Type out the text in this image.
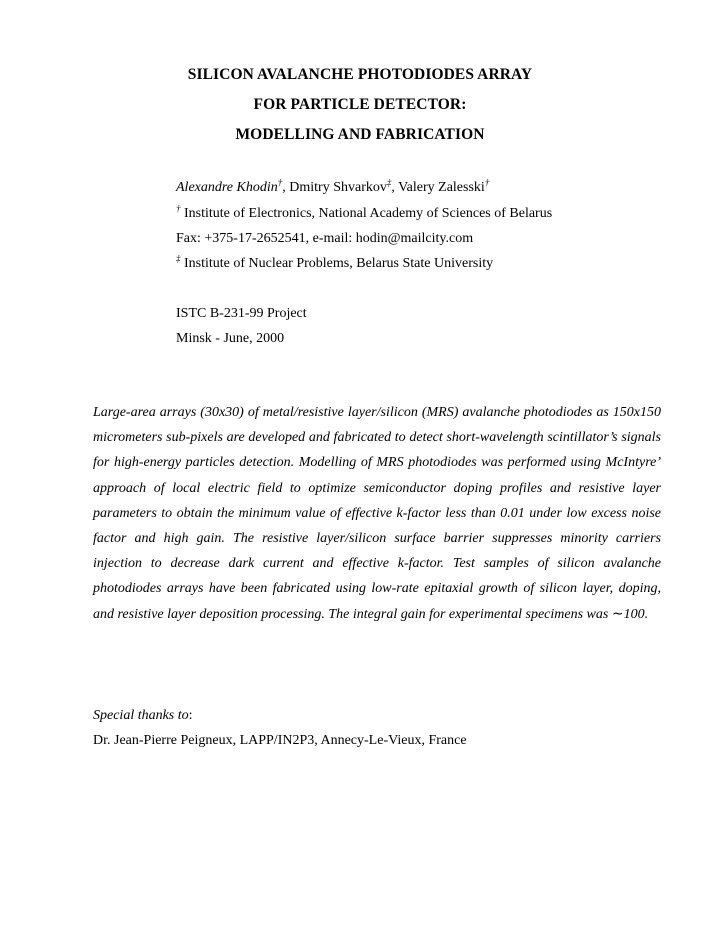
SILICON AVALANCHE PHOTODIODES ARRAY
FOR PARTICLE DETECTOR:
MODELLING AND FABRICATION
Alexandre Khodin†, Dmitry Shvarkov‡, Valery Zalesski†
† Institute of Electronics, National Academy of Sciences of Belarus
Fax: +375-17-2652541, e-mail: hodin@mailcity.com
‡ Institute of Nuclear Problems, Belarus State University
ISTC B-231-99 Project
Minsk - June, 2000

Large-area arrays (30x30) of metal/resistive layer/silicon (MRS) avalanche photodiodes as 150x150 micrometers sub-pixels are developed and fabricated to detect short-wavelength scintillator’s signals for high-energy particles detection. Modelling of MRS photodiodes was performed using McIntyre’ approach of local electric field to optimize semiconductor doping profiles and resistive layer parameters to obtain the minimum value of effective k-factor less than 0.01 under low excess noise factor and high gain. The resistive layer/silicon surface barrier suppresses minority carriers injection to decrease dark current and effective k-factor. Test samples of silicon avalanche photodiodes arrays have been fabricated using low-rate epitaxial growth of silicon layer, doping, and resistive layer deposition processing. The integral gain for experimental specimens was ∼100.

Special thanks to:
Dr. Jean-Pierre Peigneux, LAPP/IN2P3, Annecy-Le-Vieux, France
